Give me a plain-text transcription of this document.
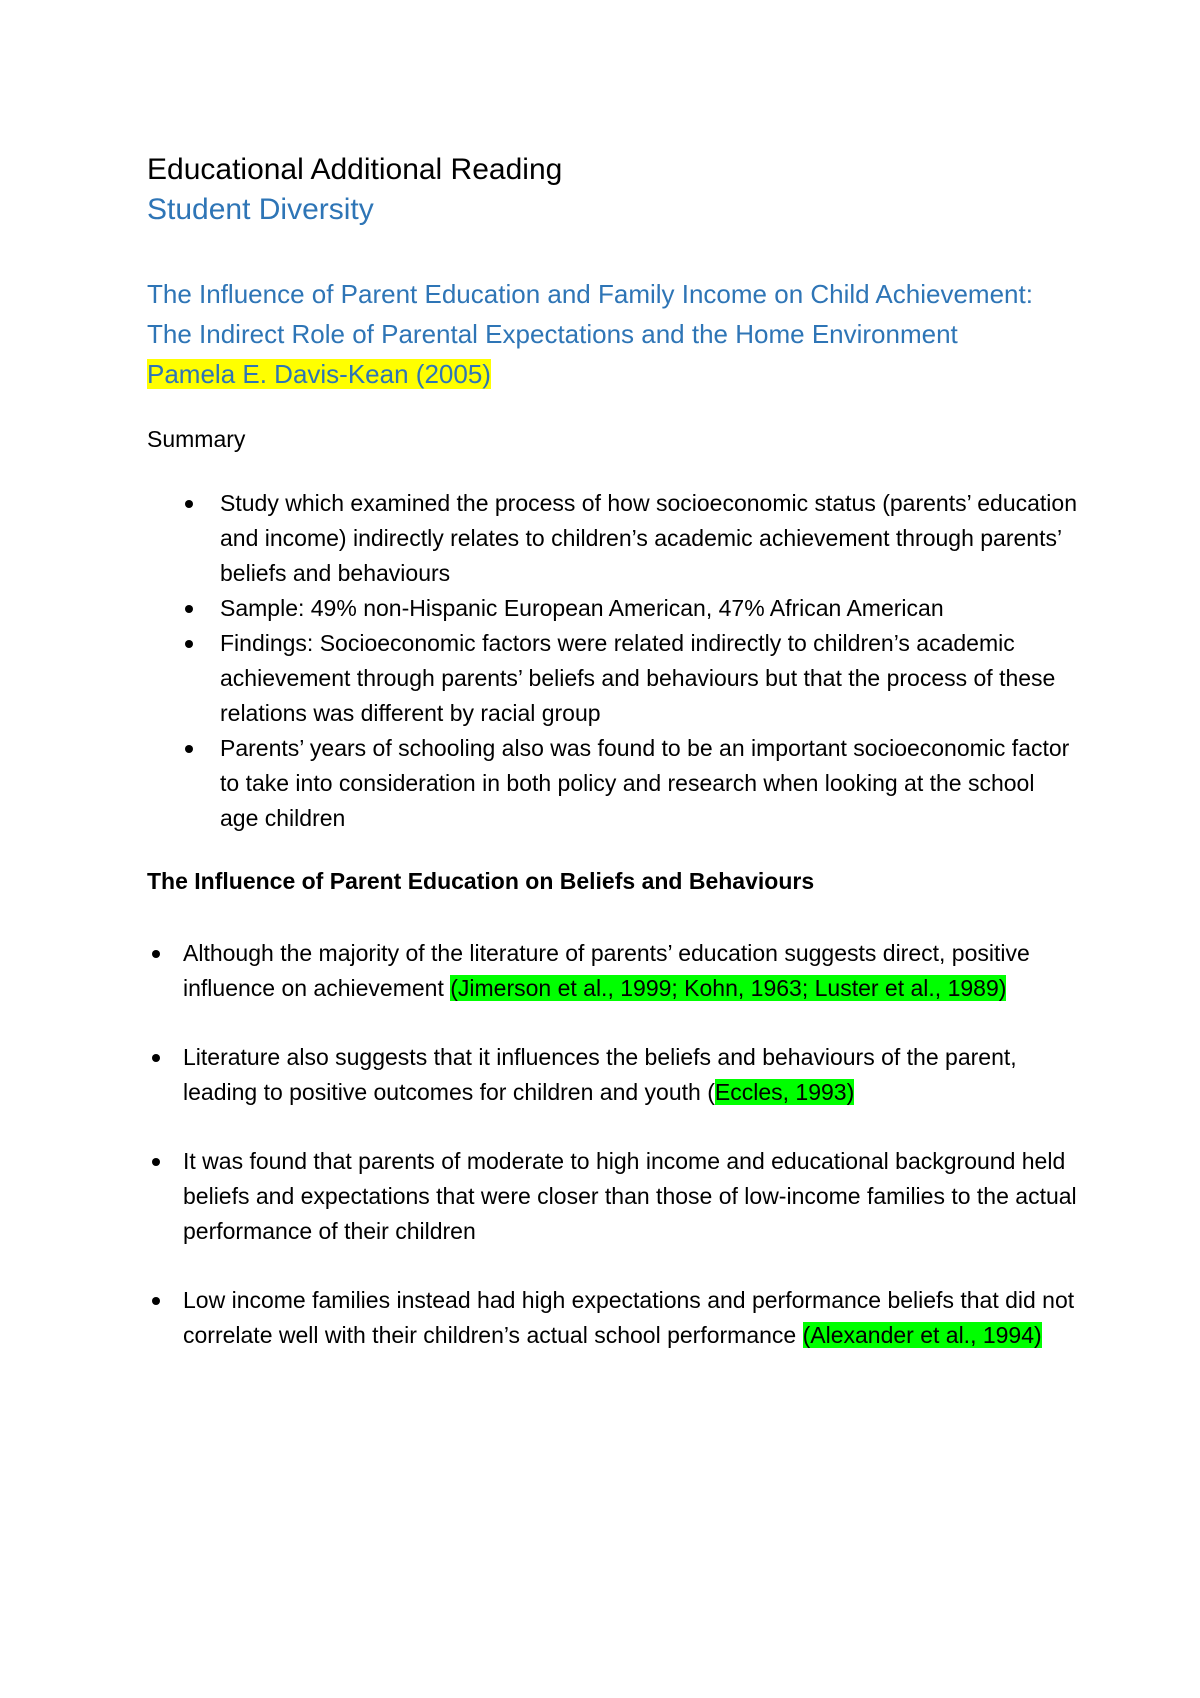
Educational Additional Reading
Student Diversity

The Influence of Parent Education and Family Income on Child Achievement: The Indirect Role of Parental Expectations and the Home Environment

Pamela E. Davis-Kean (2005)

Summary

Study which examined the process of how socioeconomic status (parents’ education and income) indirectly relates to children’s academic achievement through parents’ beliefs and behaviours
Sample: 49% non-Hispanic European American, 47% African American
Findings: Socioeconomic factors were related indirectly to children’s academic achievement through parents’ beliefs and behaviours but that the process of these relations was different by racial group
Parents’ years of schooling also was found to be an important socioeconomic factor to take into consideration in both policy and research when looking at the school age children

The Influence of Parent Education on Beliefs and Behaviours

Although the majority of the literature of parents’ education suggests direct, positive influence on achievement (Jimerson et al., 1999; Kohn, 1963; Luster et al., 1989)
Literature also suggests that it influences the beliefs and behaviours of the parent, leading to positive outcomes for children and youth (Eccles, 1993)
It was found that parents of moderate to high income and educational background held beliefs and expectations that were closer than those of low-income families to the actual performance of their children
Low income families instead had high expectations and performance beliefs that did not correlate well with their children’s actual school performance (Alexander et al., 1994)
